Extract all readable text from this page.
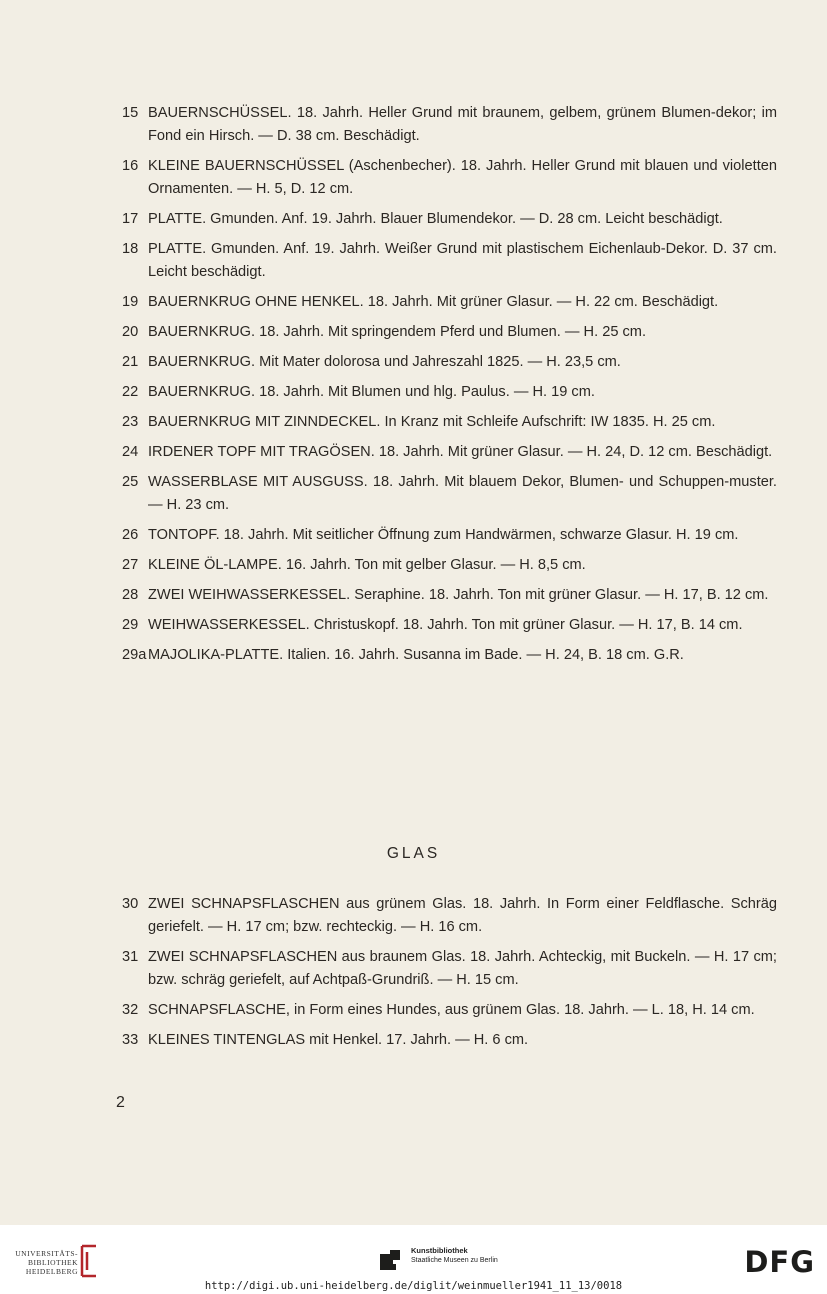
15 BAUERNSCHÜSSEL. 18. Jahrh. Heller Grund mit braunem, gelbem, grünem Blumen-dekor; im Fond ein Hirsch. — D. 38 cm. Beschädigt.
16 KLEINE BAUERNSCHÜSSEL (Aschenbecher). 18. Jahrh. Heller Grund mit blauen und violetten Ornamenten. — H. 5, D. 12 cm.
17 PLATTE. Gmunden. Anf. 19. Jahrh. Blauer Blumendekor. — D. 28 cm. Leicht beschädigt.
18 PLATTE. Gmunden. Anf. 19. Jahrh. Weißer Grund mit plastischem Eichenlaub-Dekor. D. 37 cm. Leicht beschädigt.
19 BAUERNKRUG OHNE HENKEL. 18. Jahrh. Mit grüner Glasur. — H. 22 cm. Beschädigt.
20 BAUERNKRUG. 18. Jahrh. Mit springendem Pferd und Blumen. — H. 25 cm.
21 BAUERNKRUG. Mit Mater dolorosa und Jahreszahl 1825. — H. 23,5 cm.
22 BAUERNKRUG. 18. Jahrh. Mit Blumen und hlg. Paulus. — H. 19 cm.
23 BAUERNKRUG MIT ZINNDECKEL. In Kranz mit Schleife Aufschrift: IW 1835. H. 25 cm.
24 IRDENER TOPF MIT TRAGÖSEN. 18. Jahrh. Mit grüner Glasur. — H. 24, D. 12 cm. Beschädigt.
25 WASSERBLASE MIT AUSGUSS. 18. Jahrh. Mit blauem Dekor, Blumen- und Schuppen-muster. — H. 23 cm.
26 TONTOPF. 18. Jahrh. Mit seitlicher Öffnung zum Handwärmen, schwarze Glasur. H. 19 cm.
27 KLEINE ÖL-LAMPE. 16. Jahrh. Ton mit gelber Glasur. — H. 8,5 cm.
28 ZWEI WEIHWASSERKESSEL. Seraphine. 18. Jahrh. Ton mit grüner Glasur. — H. 17, B. 12 cm.
29 WEIHWASSERKESSEL. Christuskopf. 18. Jahrh. Ton mit grüner Glasur. — H. 17, B. 14 cm.
29a MAJOLIKA-PLATTE. Italien. 16. Jahrh. Susanna im Bade. — H. 24, B. 18 cm. G.R.
GLAS
30 ZWEI SCHNAPSFLASCHEN aus grünem Glas. 18. Jahrh. In Form einer Feldflasche. Schräg geriefelt. — H. 17 cm; bzw. rechteckig. — H. 16 cm.
31 ZWEI SCHNAPSFLASCHEN aus braunem Glas. 18. Jahrh. Achteckig, mit Buckeln. — H. 17 cm; bzw. schräg geriefelt, auf Achtpaß-Grundriß. — H. 15 cm.
32 SCHNAPSFLASCHE, in Form eines Hundes, aus grünem Glas. 18. Jahrh. — L. 18, H. 14 cm.
33 KLEINES TINTENGLAS mit Henkel. 17. Jahrh. — H. 6 cm.
2
UNIVERSITÄTS-
BIBLIOTHEK
HEIDELBERG
Kunstbibliothek
Staatliche Museen zu Berlin	DFG
http://digi.ub.uni-heidelberg.de/diglit/weinmueller1941_11_13/0018
